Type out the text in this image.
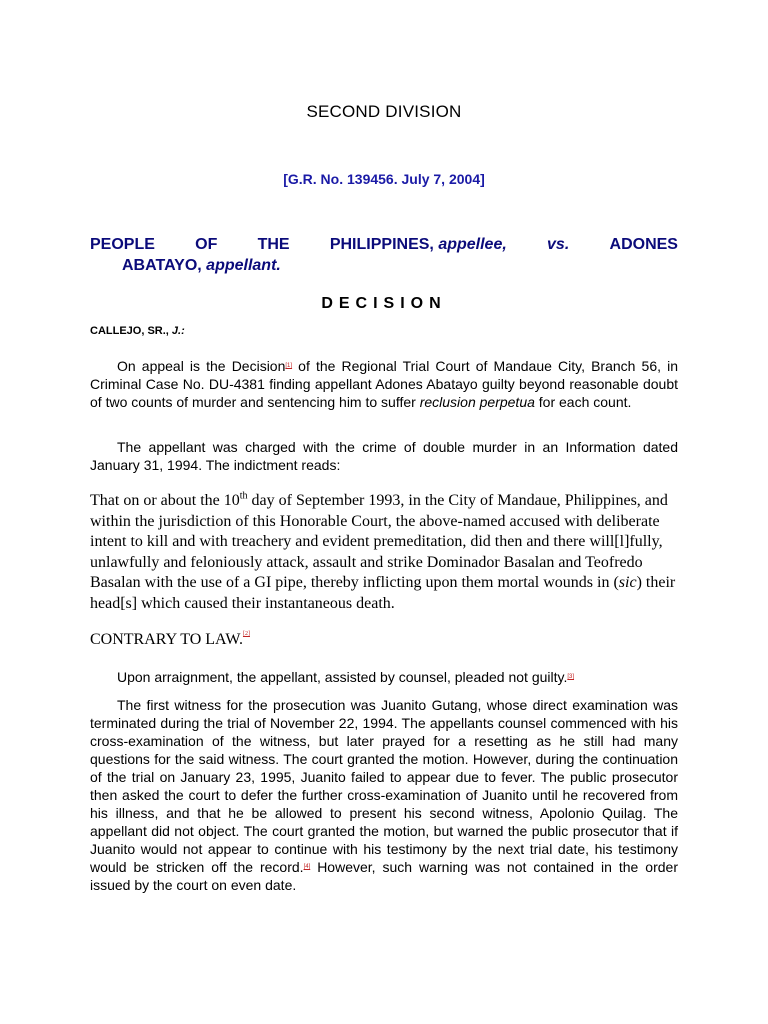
SECOND DIVISION
[G.R. No. 139456. July 7, 2004]
PEOPLE	OF	THE	PHILIPPINES, appellee,	vs.	ADONES
ABATAYO, appellant.
DECISION
CALLEJO, SR., J.:

On appeal is the Decision[1] of the Regional Trial Court of Mandaue City, Branch 56, in Criminal Case No. DU-4381 finding appellant Adones Abatayo guilty beyond reasonable doubt of two counts of murder and sentencing him to suffer reclusion perpetua for each count.

The appellant was charged with the crime of double murder in an Information dated January 31, 1994. The indictment reads:

That on or about the 10th day of September 1993, in the City of Mandaue, Philippines, and within the jurisdiction of this Honorable Court, the above-named accused with deliberate intent to kill and with treachery and evident premeditation, did then and there will[l]fully, unlawfully and feloniously attack, assault and strike Dominador Basalan and Teofredo Basalan with the use of a GI pipe, thereby inflicting upon them mortal wounds in (sic) their head[s] which caused their instantaneous death.

CONTRARY TO LAW.[2]

Upon arraignment, the appellant, assisted by counsel, pleaded not guilty.[3]

The first witness for the prosecution was Juanito Gutang, whose direct examination was terminated during the trial of November 22, 1994. The appellants counsel commenced with his cross-examination of the witness, but later prayed for a resetting as he still had many questions for the said witness. The court granted the motion. However, during the continuation of the trial on January 23, 1995, Juanito failed to appear due to fever. The public prosecutor then asked the court to defer the further cross-examination of Juanito until he recovered from his illness, and that he be allowed to present his second witness, Apolonio Quilag. The appellant did not object. The court granted the motion, but warned the public prosecutor that if Juanito would not appear to continue with his testimony by the next trial date, his testimony would be stricken off the record.[4] However, such warning was not contained in the order issued by the court on even date.
